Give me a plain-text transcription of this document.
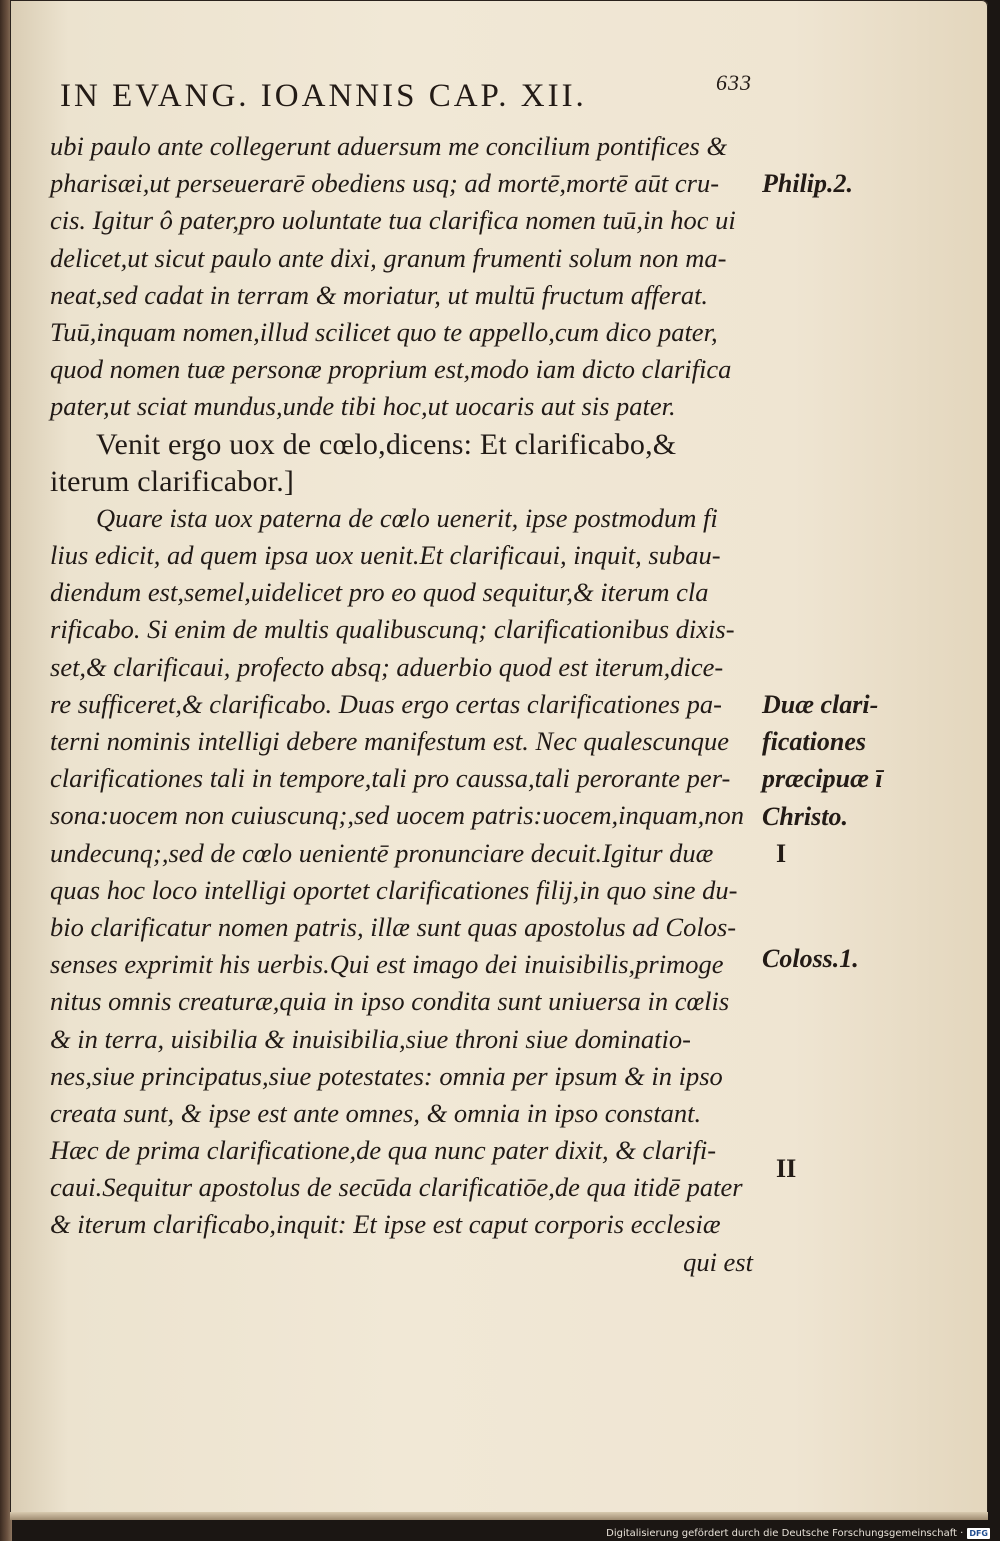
IN EVANG. IOANNIS CAP. XII.	633
ubi paulo ante collegerunt aduersum me concilium pontifices &
pharisæi,ut perseuerarē obediens usq; ad mortē,mortē aūt cru-
cis. Igitur ô pater,pro uoluntate tua clarifica nomen tuū,in hoc ui
delicet,ut sicut paulo ante dixi, granum frumenti solum non ma-
neat,sed cadat in terram & moriatur, ut multū fructum afferat.
Tuū,inquam nomen,illud scilicet quo te appello,cum dico pater,
quod nomen tuæ personæ proprium est,modo iam dicto clarifica
pater,ut sciat mundus,unde tibi hoc,ut uocaris aut sis pater.
Venit ergo uox de cœlo,dicens: Et clarificabo,&
iterum clarificabor.]
Quare ista uox paterna de cœlo uenerit, ipse postmodum fi
lius edicit, ad quem ipsa uox uenit.Et clarificaui, inquit, subau-
diendum est,semel,uidelicet pro eo quod sequitur,& iterum cla
rificabo. Si enim de multis qualibuscunq; clarificationibus dixis-
set,& clarificaui, profecto absq; aduerbio quod est iterum,dice-
re sufficeret,& clarificabo. Duas ergo certas clarificationes pa-
terni nominis intelligi debere manifestum est. Nec qualescunque
clarificationes tali in tempore,tali pro caussa,tali perorante per-
sona:uocem non cuiuscunq;,sed uocem patris:uocem,inquam,non
undecunq;,sed de cœlo uenientē pronunciare decuit.Igitur duæ
quas hoc loco intelligi oportet clarificationes filij,in quo sine du-
bio clarificatur nomen patris, illæ sunt quas apostolus ad Colos-
senses exprimit his uerbis.Qui est imago dei inuisibilis,primoge
nitus omnis creaturæ,quia in ipso condita sunt uniuersa in cœlis
& in terra, uisibilia & inuisibilia,siue throni siue dominatio-
nes,siue principatus,siue potestates: omnia per ipsum & in ipso
creata sunt, & ipse est ante omnes, & omnia in ipso constant.
Hæc de prima clarificatione,de qua nunc pater dixit, & clarifi-
caui.Sequitur apostolus de secūda clarificatiōe,de qua itidē pater
& iterum clarificabo,inquit: Et ipse est caput corporis ecclesiæ
qui est
Philip.2.
Duæ clari-
ficationes
præcipuæ ī
Christo.
I
Coloss.1.
II
Digitalisierung gefördert durch die Deutsche Forschungsgemeinschaft · DFG
